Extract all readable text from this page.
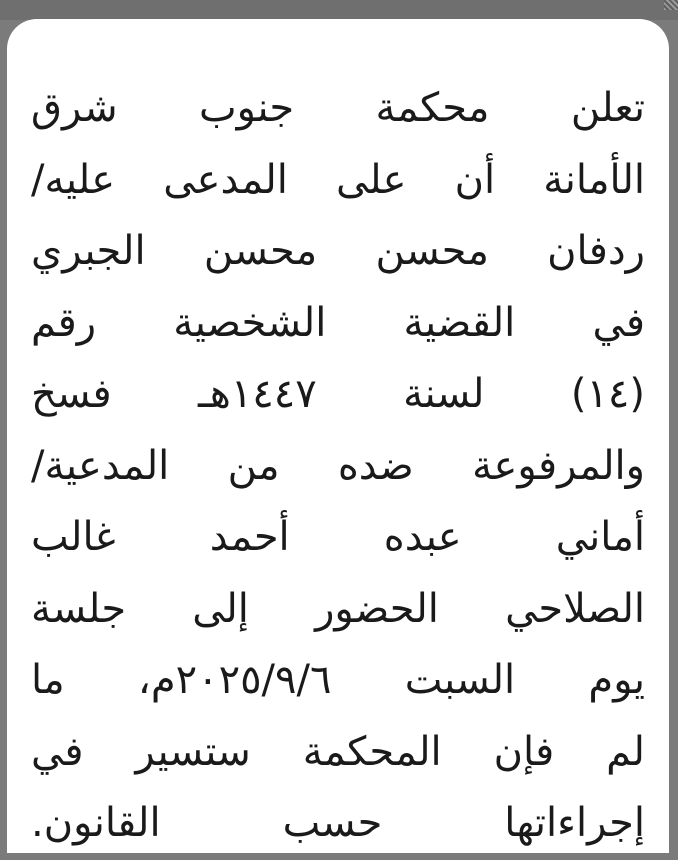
تعلن محكمة جنوب شرق
الأمانة أن على المدعى عليه/
ردفان محسن محسن الجبري
في القضية الشخصية رقم
(١٤) لسنة ١٤٤٧هـ فسخ
والمرفوعة ضده من المدعية/
أماني عبده أحمد غالب
الصلاحي الحضور إلى جلسة
يوم السبت ٢٠٢٥/٩/٦م، ما
لم فإن المحكمة ستسير في
إجراءاتها حسب القانون.
